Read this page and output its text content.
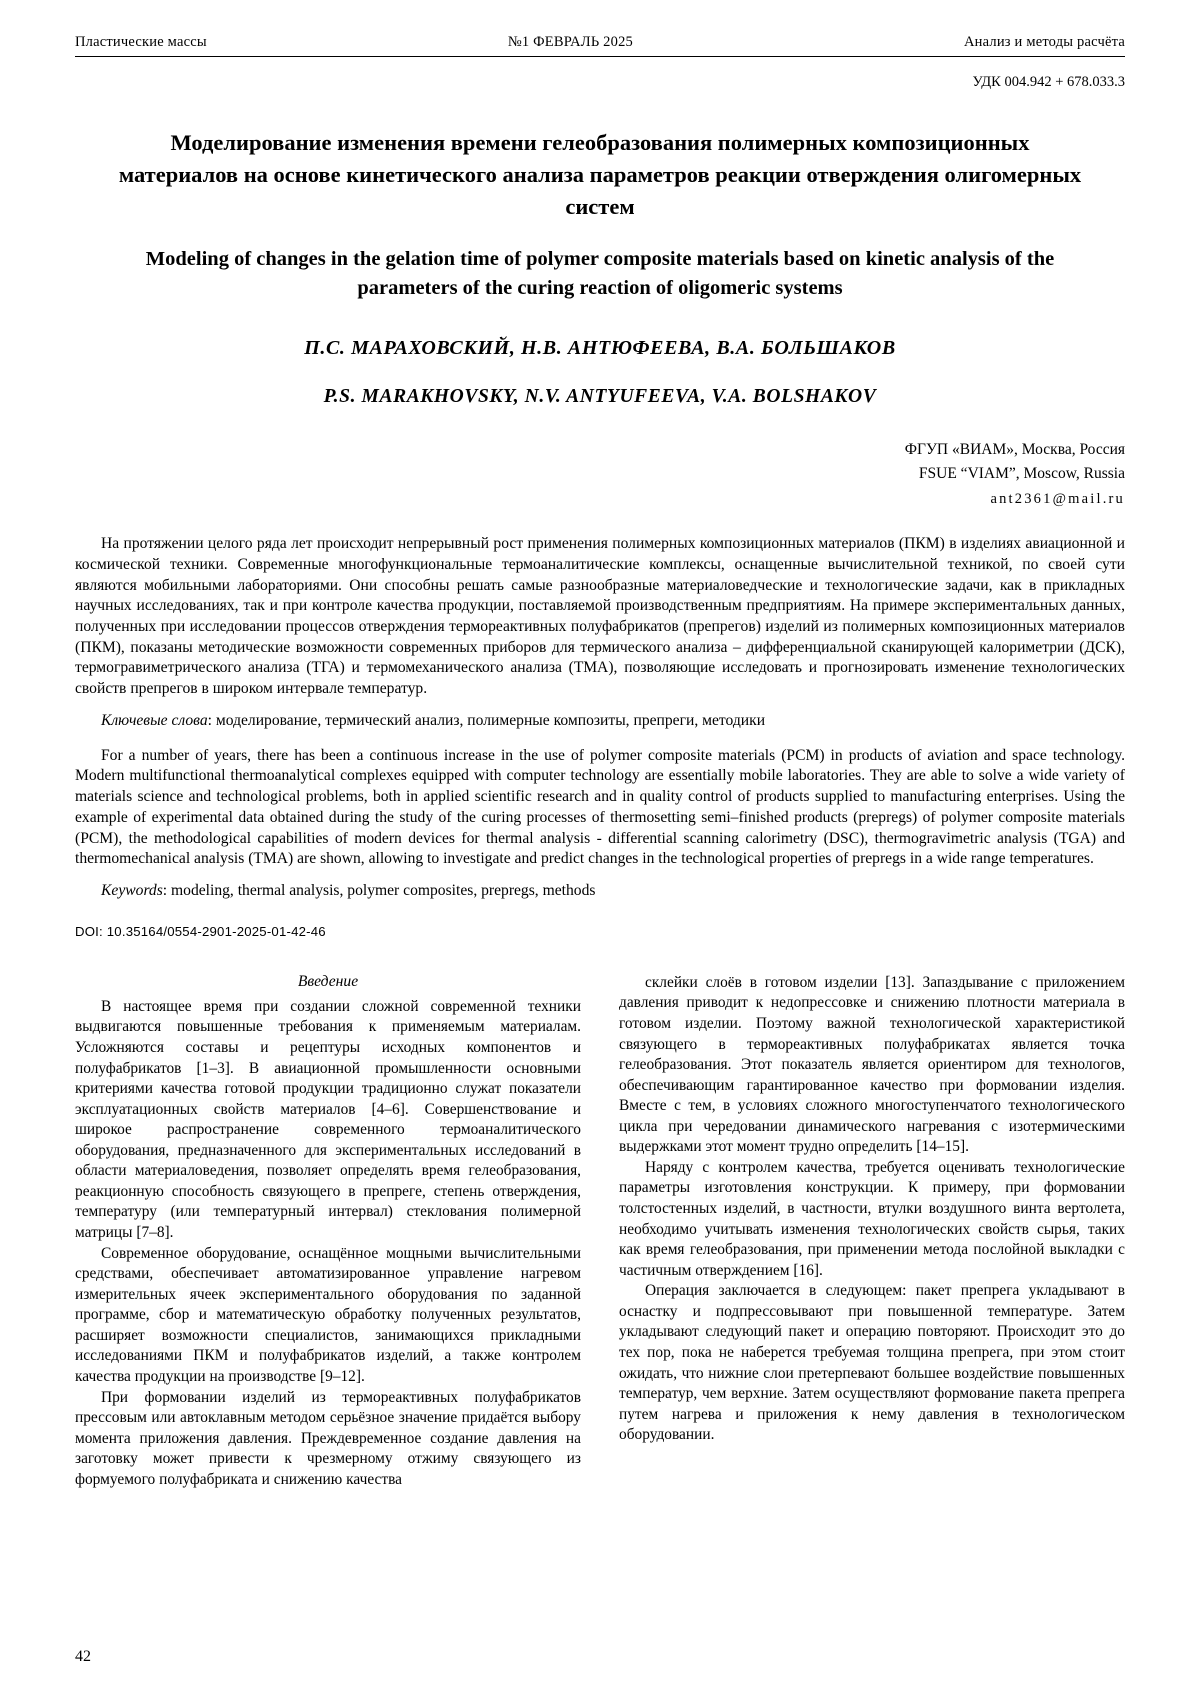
Пластические массы	№1 ФЕВРАЛЬ 2025	Анализ и методы расчёта
УДК 004.942 + 678.033.3
Моделирование изменения времени гелеобразования полимерных композиционных материалов на основе кинетического анализа параметров реакции отверждения олигомерных систем
Modeling of changes in the gelation time of polymer composite materials based on kinetic analysis of the parameters of the curing reaction of oligomeric systems
П.С. МАРАХОВСКИЙ, Н.В. АНТЮФЕЕВА, В.А. БОЛЬШАКОВ
P.S. MARAKHOVSKY, N.V. ANTYUFEEVA, V.A. BOLSHAKOV
ФГУП «ВИАМ», Москва, Россия
FSUE “VIAM”, Moscow, Russia
ant2361@mail.ru
На протяжении целого ряда лет происходит непрерывный рост применения полимерных композиционных материалов (ПКМ) в изделиях авиационной и космической техники. Современные многофункциональные термоаналитические комплексы, оснащенные вычислительной техникой, по своей сути являются мобильными лабораториями. Они способны решать самые разнообразные материаловедческие и технологические задачи, как в прикладных научных исследованиях, так и при контроле качества продукции, поставляемой производственным предприятиям. На примере экспериментальных данных, полученных при исследовании процессов отверждения термореактивных полуфабрикатов (препрегов) изделий из полимерных композиционных материалов (ПКМ), показаны методические возможности современных приборов для термического анализа – дифференциальной сканирующей калориметрии (ДСК), термогравиметрического анализа (ТГА) и термомеханического анализа (ТМА), позволяющие исследовать и прогнозировать изменение технологических свойств препрегов в широком интервале температур.
Ключевые слова: моделирование, термический анализ, полимерные композиты, препреги, методики
For a number of years, there has been a continuous increase in the use of polymer composite materials (PCM) in products of aviation and space technology. Modern multifunctional thermoanalytical complexes equipped with computer technology are essentially mobile laboratories. They are able to solve a wide variety of materials science and technological problems, both in applied scientific research and in quality control of products supplied to manufacturing enterprises. Using the example of experimental data obtained during the study of the curing processes of thermosetting semi–finished products (prepregs) of polymer composite materials (PCM), the methodological capabilities of modern devices for thermal analysis - differential scanning calorimetry (DSC), thermogravimetric analysis (TGA) and thermomechanical analysis (TMA) are shown, allowing to investigate and predict changes in the technological properties of prepregs in a wide range temperatures.
Keywords: modeling, thermal analysis, polymer composites, prepregs, methods
DOI: 10.35164/0554-2901-2025-01-42-46
Введение

В настоящее время при создании сложной современной техники выдвигаются повышенные требования к применяемым материалам. Усложняются составы и рецептуры исходных компонентов и полуфабрикатов [1–3]. В авиационной промышленности основными критериями качества готовой продукции традиционно служат показатели эксплуатационных свойств материалов [4–6]. Совершенствование и широкое распространение современного термоаналитического оборудования, предназначенного для экспериментальных исследований в области материаловедения, позволяет определять время гелеобразования, реакционную способность связующего в препреге, степень отверждения, температуру (или температурный интервал) стеклования полимерной матрицы [7–8].

Современное оборудование, оснащённое мощными вычислительными средствами, обеспечивает автоматизированное управление нагревом измерительных ячеек экспериментального оборудования по заданной программе, сбор и математическую обработку полученных результатов, расширяет возможности специалистов, занимающихся прикладными исследованиями ПКМ и полуфабрикатов изделий, а также контролем качества продукции на производстве [9–12].

При формовании изделий из термореактивных полуфабрикатов прессовым или автоклавным методом серьёзное значение придаётся выбору момента приложения давления. Преждевременное создание давления на заготовку может привести к чрезмерному отжиму связующего из формуемого полуфабриката и снижению качества

склейки слоёв в готовом изделии [13]. Запаздывание с приложением давления приводит к недопрессовке и снижению плотности материала в готовом изделии. Поэтому важной технологической характеристикой связующего в термореактивных полуфабрикатах является точка гелеобразования. Этот показатель является ориентиром для технологов, обеспечивающим гарантированное качество при формовании изделия. Вместе с тем, в условиях сложного многоступенчатого технологического цикла при чередовании динамического нагревания с изотермическими выдержками этот момент трудно определить [14–15].

Наряду с контролем качества, требуется оценивать технологические параметры изготовления конструкции. К примеру, при формовании толстостенных изделий, в частности, втулки воздушного винта вертолета, необходимо учитывать изменения технологических свойств сырья, таких как время гелеобразования, при применении метода послойной выкладки с частичным отверждением [16].

Операция заключается в следующем: пакет препрега укладывают в оснастку и подпрессовывают при повышенной температуре. Затем укладывают следующий пакет и операцию повторяют. Происходит это до тех пор, пока не наберется требуемая толщина препрега, при этом стоит ожидать, что нижние слои претерпевают большее воздействие повышенных температур, чем верхние. Затем осуществляют формование пакета препрега путем нагрева и приложения к нему давления в технологическом оборудовании.

42
